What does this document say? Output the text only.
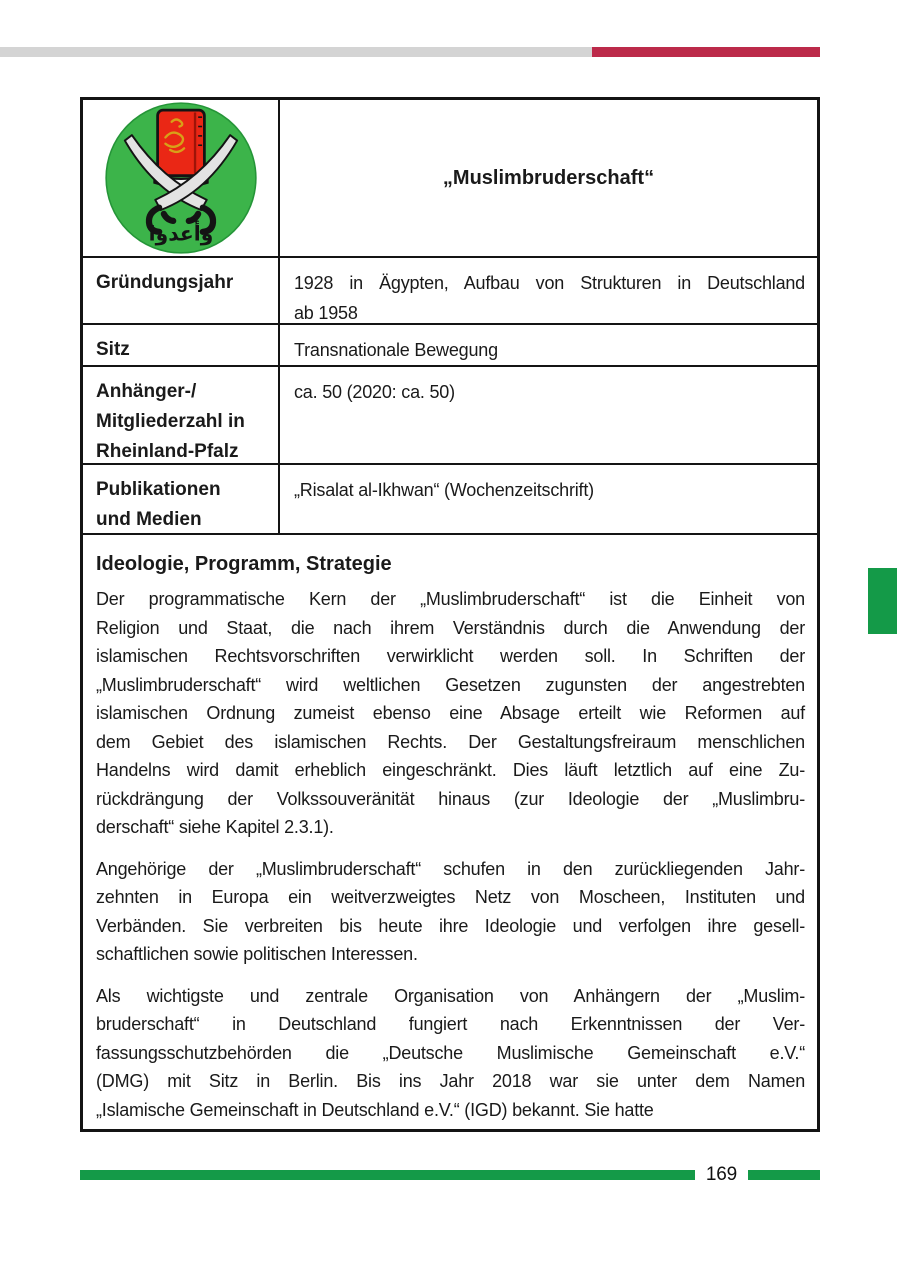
وأعدوا
„Muslimbruderschaft“
Gründungsjahr	1928 in Ägypten, Aufbau von Strukturen in Deutschland
ab 1958
Sitz	Transnationale Bewegung
Anhänger-/
Mitgliederzahl in
Rheinland-Pfalz
ca. 50 (2020: ca. 50)
Publikationen
und Medien
„Risalat al-Ikhwan“ (Wochenzeitschrift)
Ideologie, Programm, Strategie
Der programmatische Kern der „Muslimbruderschaft“ ist die Einheit von
Religion und Staat, die nach ihrem Verständnis durch die Anwendung der
islamischen Rechtsvorschriften verwirklicht werden soll. In Schriften der
„Muslimbruderschaft“ wird weltlichen Gesetzen zugunsten der angestrebten
islamischen Ordnung zumeist ebenso eine Absage erteilt wie Reformen auf
dem Gebiet des islamischen Rechts. Der Gestaltungsfreiraum menschlichen
Handelns wird damit erheblich eingeschränkt. Dies läuft letztlich auf eine Zu-
rückdrängung der Volkssouveränität hinaus (zur Ideologie der „Muslimbru-
derschaft“ siehe Kapitel 2.3.1).
Angehörige der „Muslimbruderschaft“ schufen in den zurückliegenden Jahr-
zehnten in Europa ein weitverzweigtes Netz von Moscheen, Instituten und
Verbänden. Sie verbreiten bis heute ihre Ideologie und verfolgen ihre gesell-
schaftlichen sowie politischen Interessen.
Als wichtigste und zentrale Organisation von Anhängern der „Muslim-
bruderschaft“ in Deutschland fungiert nach Erkenntnissen der Ver-
fassungsschutzbehörden die „Deutsche Muslimische Gemeinschaft e.V.“
(DMG) mit Sitz in Berlin. Bis ins Jahr 2018 war sie unter dem Namen
„Islamische Gemeinschaft in Deutschland e.V.“ (IGD) bekannt. Sie hatte
169
